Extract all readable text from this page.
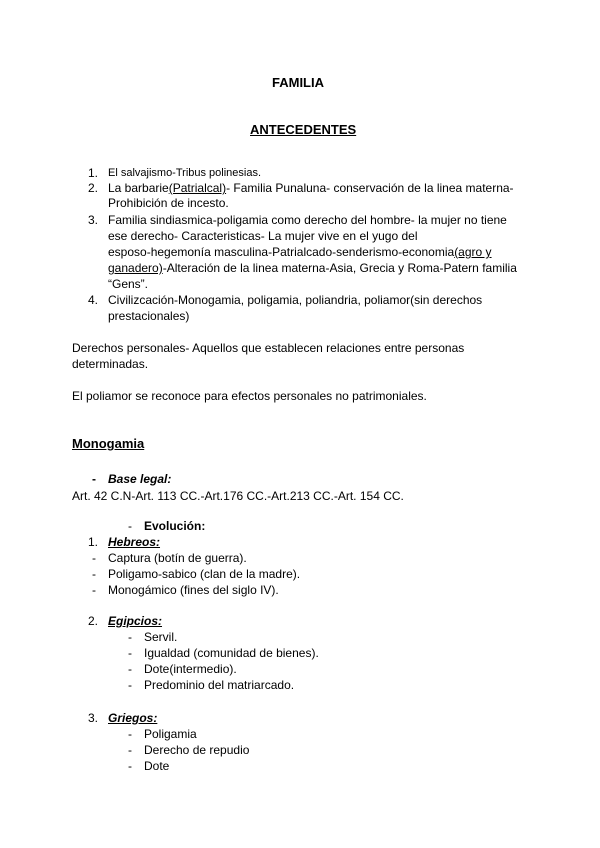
FAMILIA
ANTECEDENTES
1. El salvajismo-Tribus polinesias.
2. La barbarie(Patrialcal)- Familia Punaluna- conservación de la linea materna-
Prohibición de incesto.
3. Familia sindiasmica-poligamia como derecho del hombre- la mujer no tiene
ese derecho- Caracteristicas- La mujer vive en el yugo del
esposo-hegemonía masculina-Patrialcado-senderismo-economia(agro y
ganadero)-Alteración de la linea materna-Asia, Grecia y Roma-Patern familia
“Gens”.
4. Civilizcación-Monogamia, poligamia, poliandria, poliamor(sin derechos
prestacionales)
Derechos personales- Aquellos que establecen relaciones entre personas
determinadas.
El poliamor se reconoce para efectos personales no patrimoniales.
Monogamia
- Base legal:
Art. 42 C.N-Art. 113 CC.-Art.176 CC.-Art.213 CC.-Art. 154 CC.
- Evolución:
1. Hebreos:
- Captura (botín de guerra).
- Poligamo-sabico (clan de la madre).
- Monogámico (fines del siglo IV).
2. Egipcios:
- Servil.
- Igualdad (comunidad de bienes).
- Dote(intermedio).
- Predominio del matriarcado.
3. Griegos:
- Poligamia
- Derecho de repudio
- Dote
